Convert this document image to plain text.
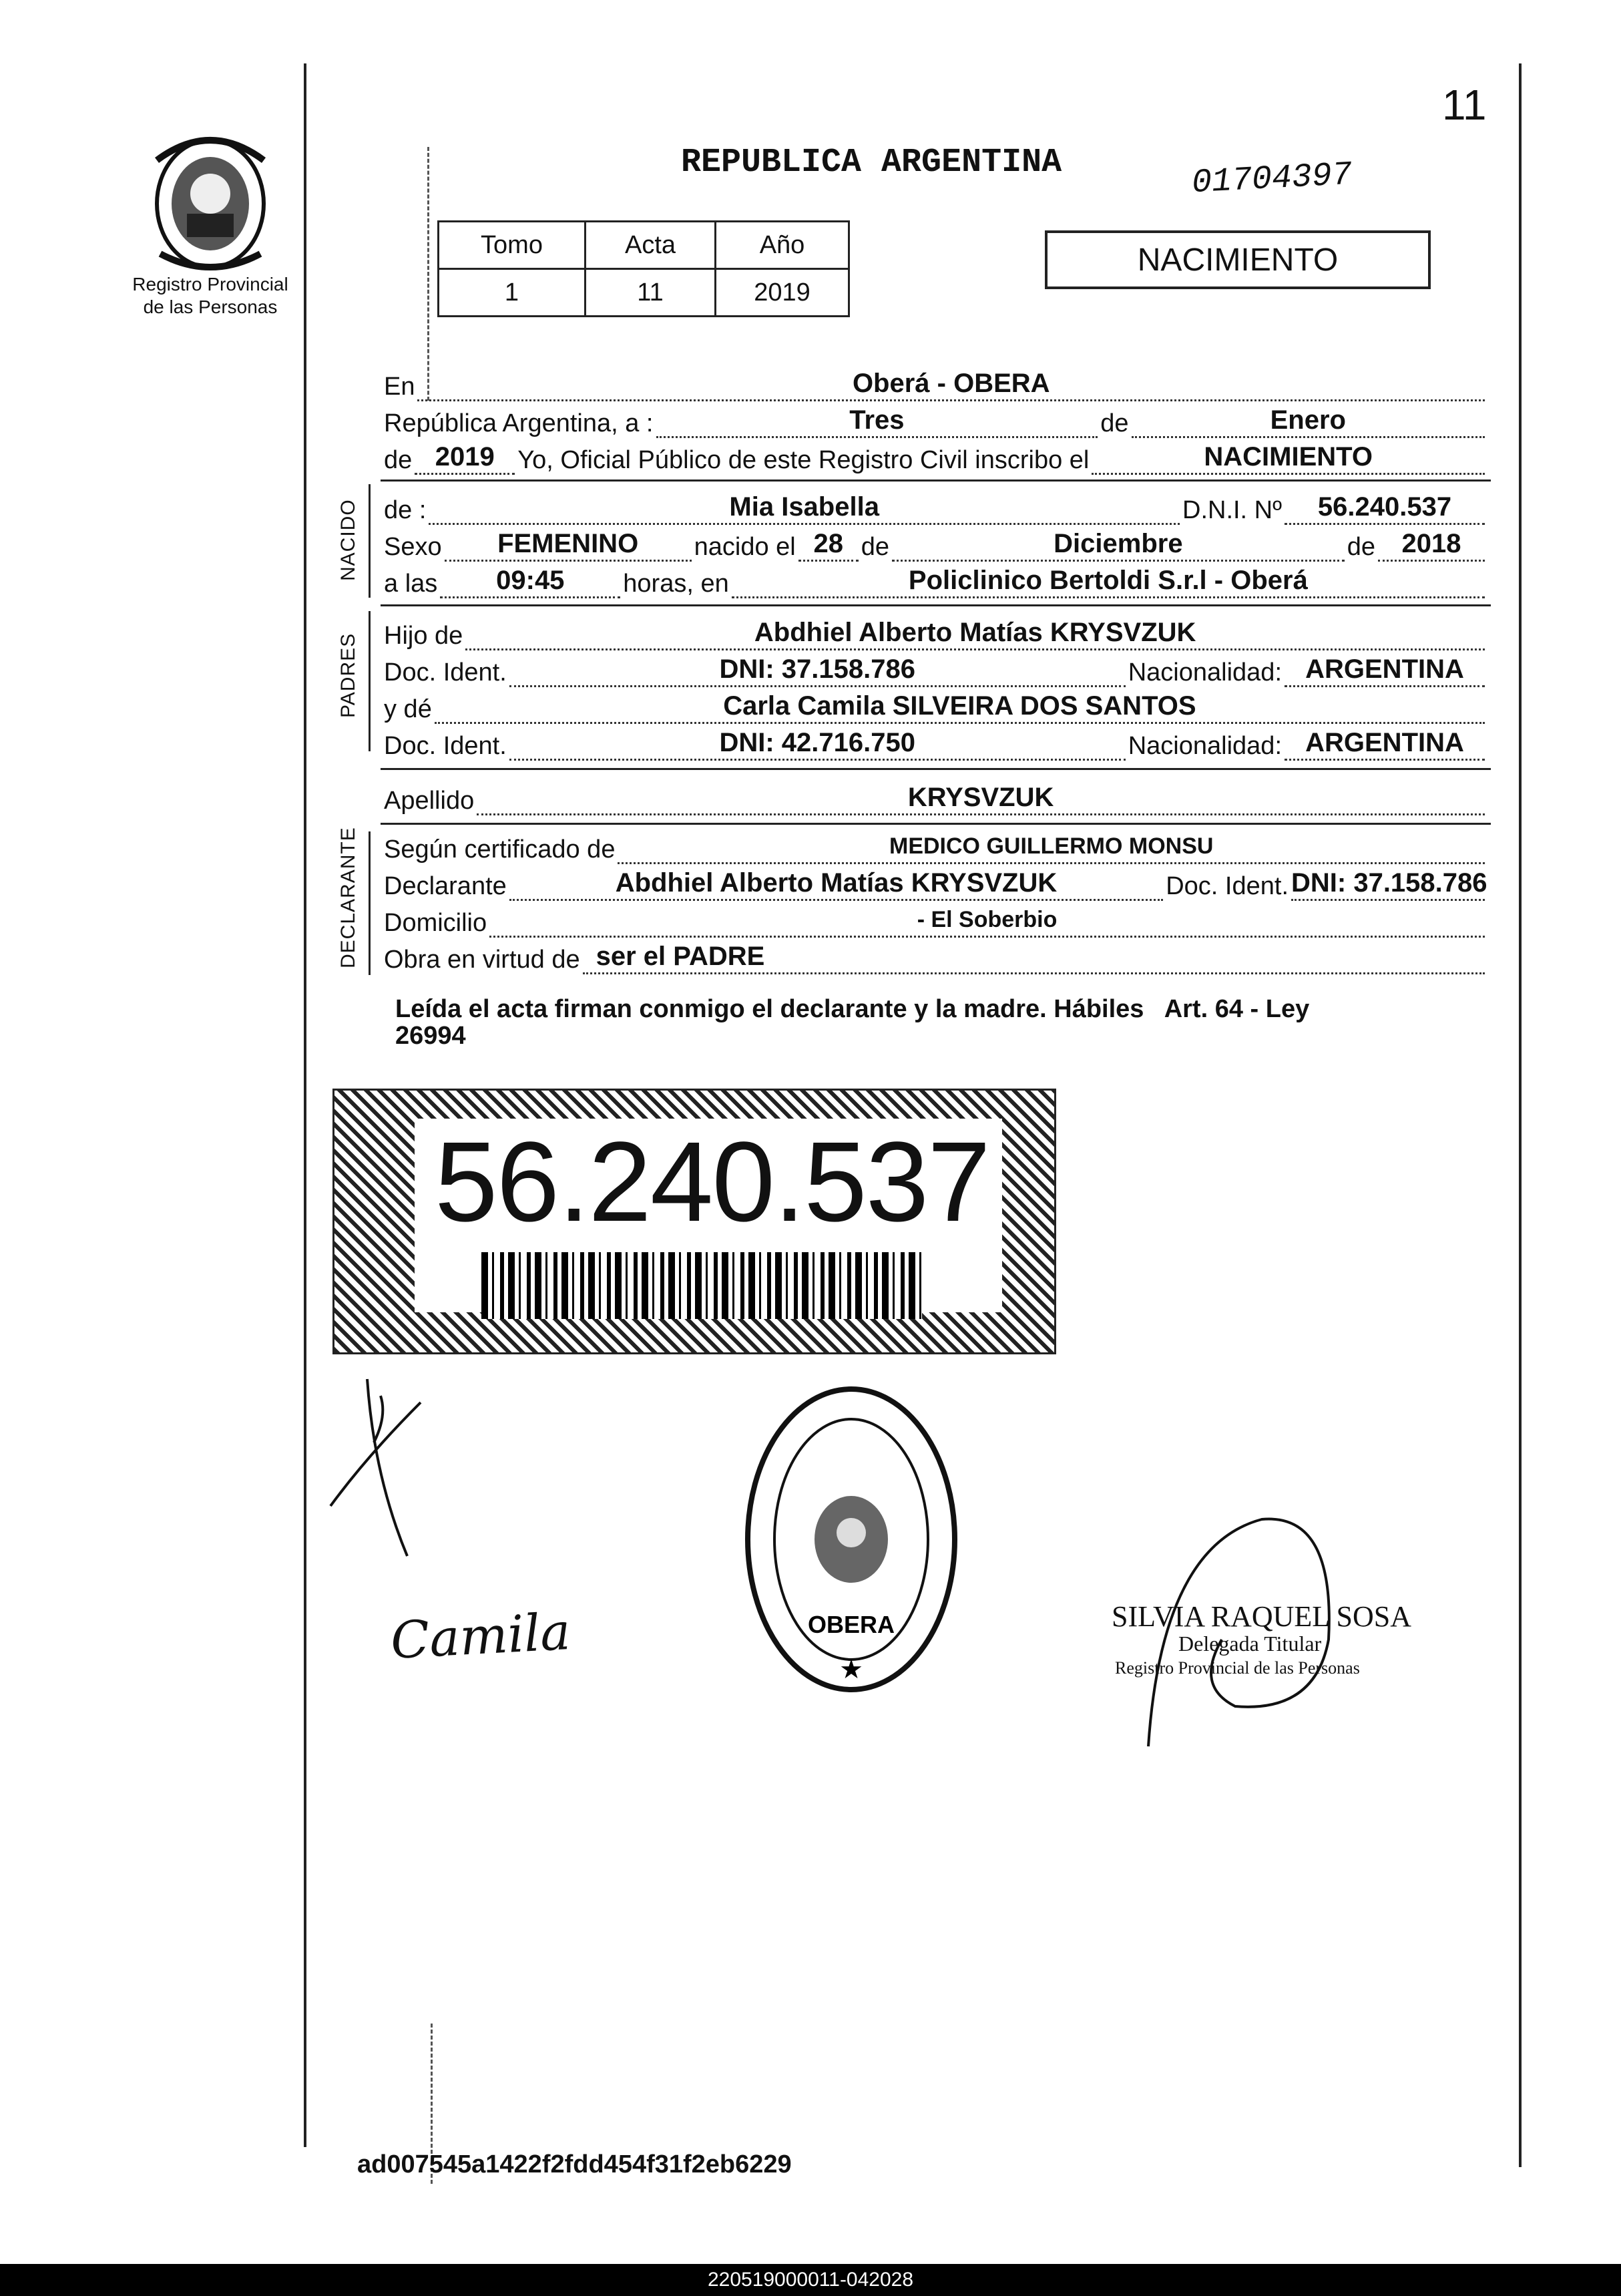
Registro Provincial
de las Personas
11
REPUBLICA ARGENTINA	01704397
Tomo	Acta	Año
1	11	2019
NACIMIENTO
En	Oberá - OBERA
República Argentina, a :	Tres	de	Enero
de 2019 Yo, Oficial Público de este Registro Civil inscribo el	NACIMIENTO
NACIDO de :	Mia Isabella	D.N.I. Nº	56.240.537
Sexo	FEMENINO	nacido el 28 de	Diciembre	de 2018
a las	09:45	horas, en	Policlinico Bertoldi S.r.l - Oberá
PADRES Hijo de	Abdhiel Alberto Matías KRYSVZUK
Doc. Ident.	DNI: 37.158.786	Nacionalidad: ARGENTINA
y dé	Carla Camila SILVEIRA DOS SANTOS
Doc. Ident.	DNI: 42.716.750	Nacionalidad: ARGENTINA
Apellido	KRYSVZUK
DECLARANTE Según certificado de	MEDICO GUILLERMO MONSU
Declarante	Abdhiel Alberto Matías KRYSVZUK	Doc. Ident. DNI: 37.158.786
Domicilio	- El Soberbio
Obra en virtud de ser el PADRE
Leída el acta firman conmigo el declarante y la madre. Hábiles   Art. 64 - Ley
26994
56.240.537
OBERA
★
DELEGACION DEL REGISTRO PROVINCIAL DE LAS PERSONAS
Camila	SILVIA RAQUEL SOSA
Delegada Titular
Registro Provincial de las Personas
ad007545a1422f2fdd454f31f2eb6229
220519000011-042028
